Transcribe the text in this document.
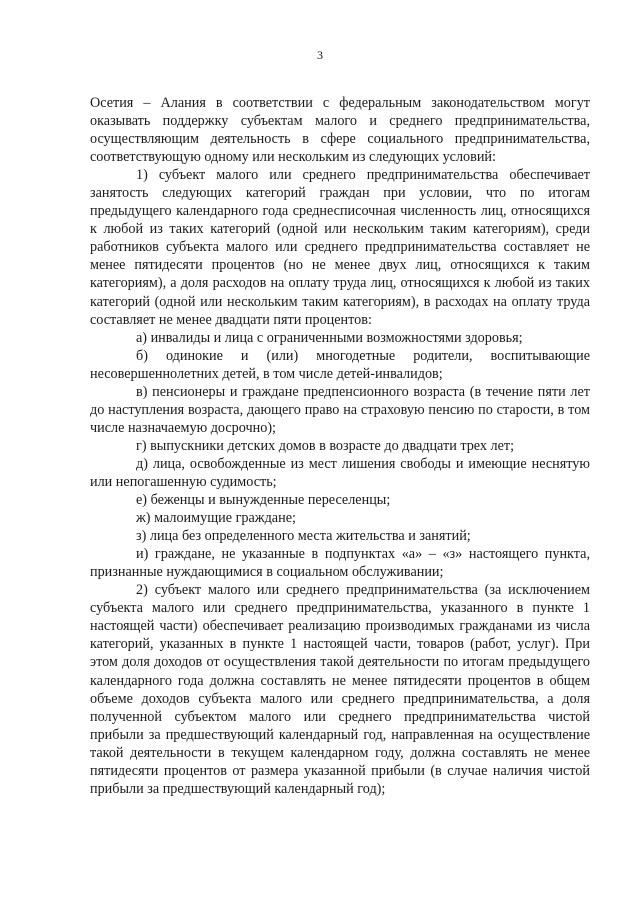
3

Осетия – Алания в соответствии с федеральным законодательством могут оказывать поддержку субъектам малого и среднего предпринимательства, осуществляющим деятельность в сфере социального предпринимательства, соответствующую одному или нескольким из следующих условий:

1) субъект малого или среднего предпринимательства обеспечивает занятость следующих категорий граждан при условии, что по итогам предыдущего календарного года среднесписочная численность лиц, относящихся к любой из таких категорий (одной или нескольким таким категориям), среди работников субъекта малого или среднего предпринимательства составляет не менее пятидесяти процентов (но не менее двух лиц, относящихся к таким категориям), а доля расходов на оплату труда лиц, относящихся к любой из таких категорий (одной или нескольким таким категориям), в расходах на оплату труда составляет не менее двадцати пяти процентов:

а) инвалиды и лица с ограниченными возможностями здоровья;

б) одинокие и (или) многодетные родители, воспитывающие несовершеннолетних детей, в том числе детей-инвалидов;

в) пенсионеры и граждане предпенсионного возраста (в течение пяти лет до наступления возраста, дающего право на страховую пенсию по старости, в том числе назначаемую досрочно);

г) выпускники детских домов в возрасте до двадцати трех лет;

д) лица, освобожденные из мест лишения свободы и имеющие неснятую или непогашенную судимость;

е) беженцы и вынужденные переселенцы;

ж) малоимущие граждане;

з) лица без определенного места жительства и занятий;

и) граждане, не указанные в подпунктах «а» – «з» настоящего пункта, признанные нуждающимися в социальном обслуживании;

2) субъект малого или среднего предпринимательства (за исключением субъекта малого или среднего предпринимательства, указанного в пункте 1 настоящей части) обеспечивает реализацию производимых гражданами из числа категорий, указанных в пункте 1 настоящей части, товаров (работ, услуг). При этом доля доходов от осуществления такой деятельности по итогам предыдущего календарного года должна составлять не менее пятидесяти процентов в общем объеме доходов субъекта малого или среднего предпринимательства, а доля полученной субъектом малого или среднего предпринимательства чистой прибыли за предшествующий календарный год, направленная на осуществление такой деятельности в текущем календарном году, должна составлять не менее пятидесяти процентов от размера указанной прибыли (в случае наличия чистой прибыли за предшествующий календарный год);
